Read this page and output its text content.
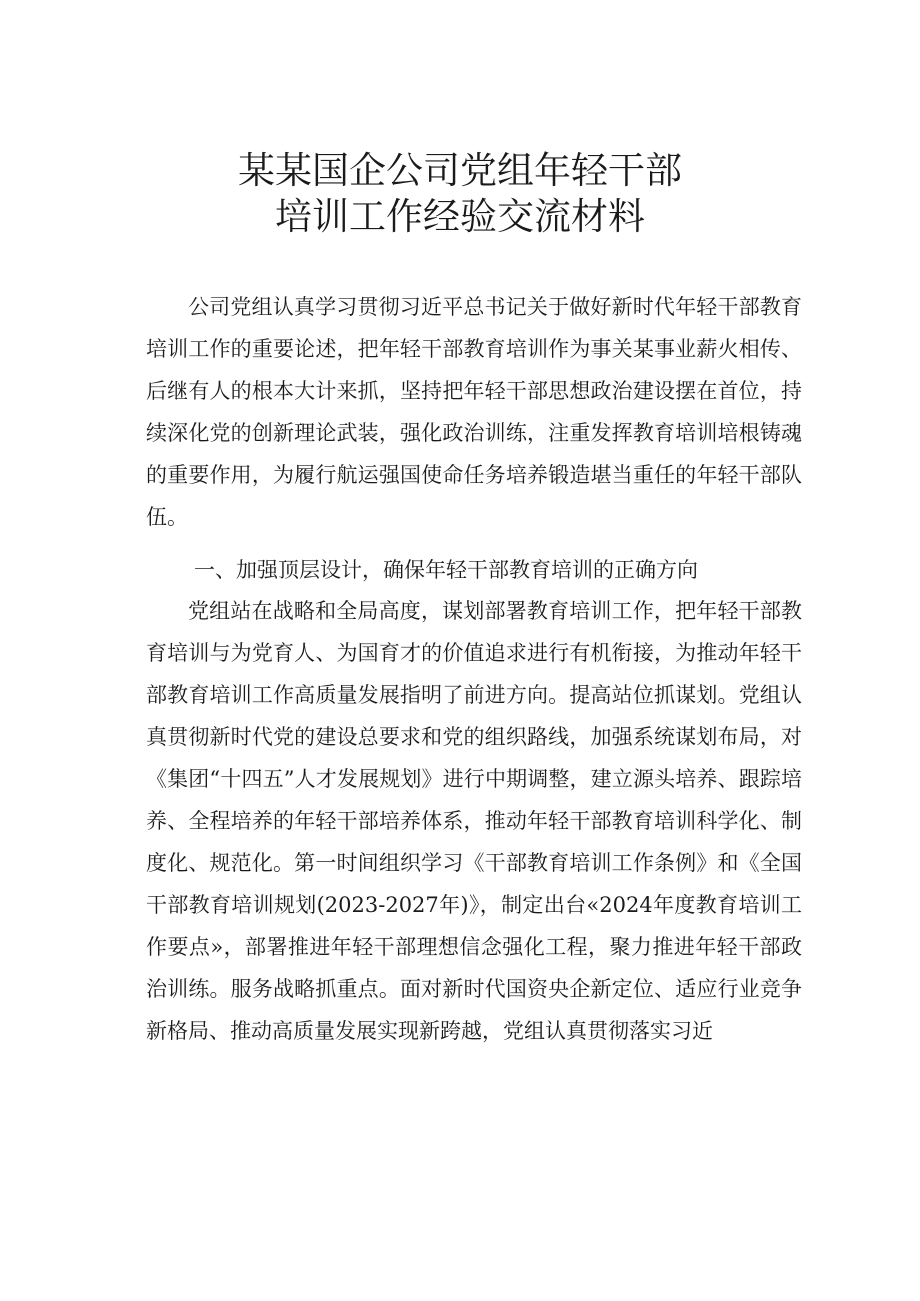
某某国企公司党组年轻干部
培训工作经验交流材料

公司党组认真学习贯彻习近平总书记关于做好新时代年轻干部教育培训工作的重要论述，把年轻干部教育培训作为事关某事业薪火相传、后继有人的根本大计来抓，坚持把年轻干部思想政治建设摆在首位，持续深化党的创新理论武装，强化政治训练，注重发挥教育培训培根铸魂的重要作用，为履行航运强国使命任务培养锻造堪当重任的年轻干部队伍。

一、加强顶层设计，确保年轻干部教育培训的正确方向

党组站在战略和全局高度，谋划部署教育培训工作，把年轻干部教育培训与为党育人、为国育才的价值追求进行有机衔接，为推动年轻干部教育培训工作高质量发展指明了前进方向。提高站位抓谋划。党组认真贯彻新时代党的建设总要求和党的组织路线，加强系统谋划布局，对《集团“十四五”人才发展规划》进行中期调整，建立源头培养、跟踪培养、全程培养的年轻干部培养体系，推动年轻干部教育培训科学化、制度化、规范化。第一时间组织学习《干部教育培训工作条例》和《全国干部教育培训规划(2023-2027年)》，制定出台«2024年度教育培训工作要点»，部署推进年轻干部理想信念强化工程，聚力推进年轻干部政治训练。服务战略抓重点。面对新时代国资央企新定位、适应行业竞争新格局、推动高质量发展实现新跨越，党组认真贯彻落实习近
